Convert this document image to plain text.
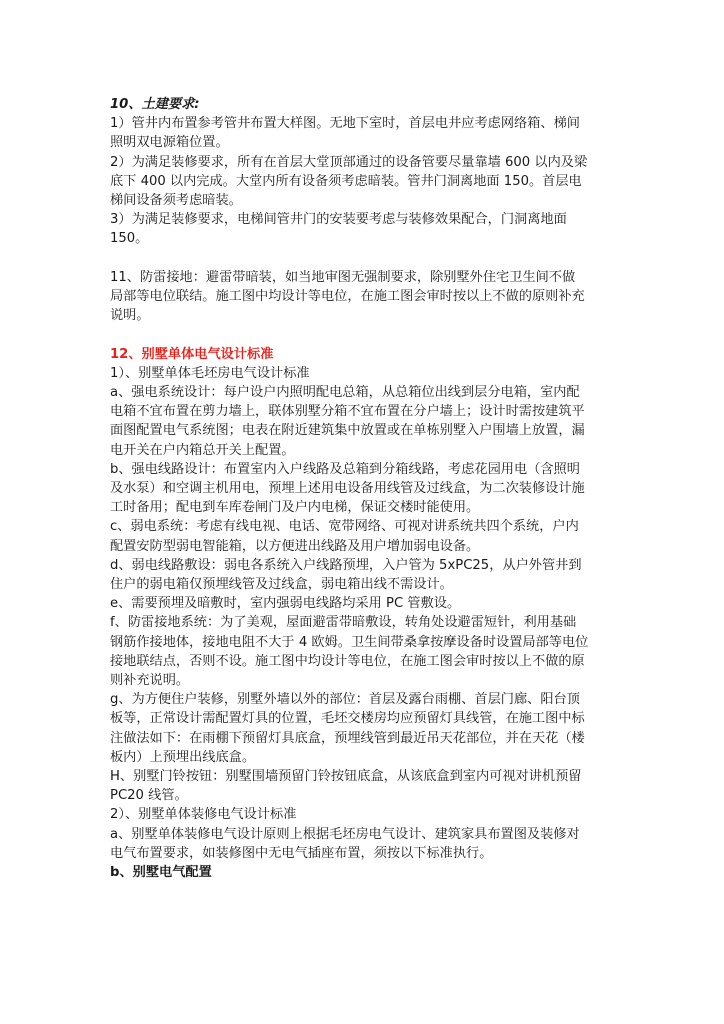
10、土建要求:

1）管井内布置参考管井布置大样图。无地下室时，首层电井应考虑网络箱、梯间

照明双电源箱位置。

2）为满足装修要求，所有在首层大堂顶部通过的设备管要尽量靠墙 600 以内及梁

底下 400 以内完成。大堂内所有设备须考虑暗装。管井门洞离地面 150。首层电

梯间设备须考虑暗装。

3）为满足装修要求，电梯间管井门的安装要考虑与装修效果配合，门洞离地面

150。

11、防雷接地：避雷带暗装，如当地审图无强制要求，除别墅外住宅卫生间不做

局部等电位联结。施工图中均设计等电位，在施工图会审时按以上不做的原则补充

说明。

12、别墅单体电气设计标准

1）、别墅单体毛坯房电气设计标准

a、强电系统设计：每户设户内照明配电总箱，从总箱位出线到层分电箱，室内配

电箱不宜布置在剪力墙上，联体别墅分箱不宜布置在分户墙上；设计时需按建筑平

面图配置电气系统图；电表在附近建筑集中放置或在单栋别墅入户围墙上放置，漏

电开关在户内箱总开关上配置。

b、强电线路设计：布置室内入户线路及总箱到分箱线路，考虑花园用电（含照明

及水泵）和空调主机用电，预埋上述用电设备用线管及过线盒，为二次装修设计施

工时备用；配电到车库卷闸门及户内电梯，保证交楼时能使用。

c、弱电系统：考虑有线电视、电话、宽带网络、可视对讲系统共四个系统，户内

配置安防型弱电智能箱，以方便进出线路及用户增加弱电设备。

d、弱电线路敷设：弱电各系统入户线路预埋，入户管为 5xPC25，从户外管井到

住户的弱电箱仅预埋线管及过线盒，弱电箱出线不需设计。

e、需要预埋及暗敷时，室内强弱电线路均采用 PC 管敷设。

f、防雷接地系统：为了美观，屋面避雷带暗敷设，转角处设避雷短针，利用基础

钢筋作接地体，接地电阻不大于 4 欧姆。卫生间带桑拿按摩设备时设置局部等电位

接地联结点，否则不设。施工图中均设计等电位，在施工图会审时按以上不做的原

则补充说明。

g、为方便住户装修，别墅外墙以外的部位：首层及露台雨棚、首层门廊、阳台顶

板等，正常设计需配置灯具的位置，毛坯交楼房均应预留灯具线管，在施工图中标

注做法如下：在雨棚下预留灯具底盒，预埋线管到最近吊天花部位，并在天花（楼

板内）上预埋出线底盒。

H、别墅门铃按钮：别墅围墙预留门铃按钮底盒，从该底盒到室内可视对讲机预留

PC20 线管。

2）、别墅单体装修电气设计标准

a、别墅单体装修电气设计原则上根据毛坯房电气设计、建筑家具布置图及装修对

电气布置要求，如装修图中无电气插座布置，须按以下标准执行。

b、别墅电气配置
